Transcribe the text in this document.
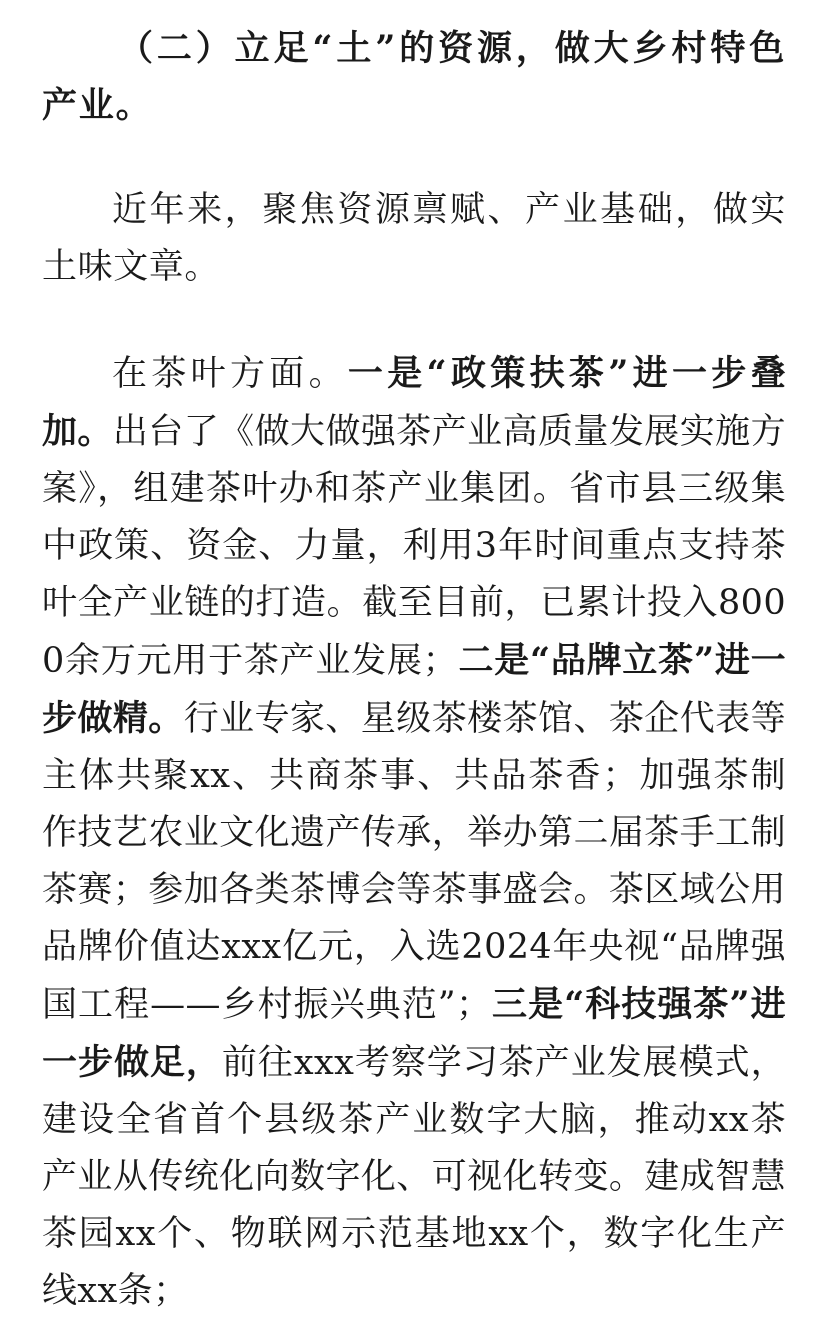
（二）立足“土”的资源，做大乡村特色产业。
近年来，聚焦资源禀赋、产业基础，做实土味文章。
在茶叶方面。一是“政策扶茶”进一步叠加。出台了《做大做强茶产业高质量发展实施方案》，组建茶叶办和茶产业集团。省市县三级集中政策、资金、力量，利用3年时间重点支持茶叶全产业链的打造。截至目前，已累计投入8000余万元用于茶产业发展；二是“品牌立茶”进一步做精。行业专家、星级茶楼茶馆、茶企代表等主体共聚xx、共商茶事、共品茶香；加强茶制作技艺农业文化遗产传承，举办第二届茶手工制茶赛；参加各类茶博会等茶事盛会。茶区域公用品牌价值达xxx亿元，入选2024年央视“品牌强国工程——乡村振兴典范”；三是“科技强茶”进一步做足，前往xxx考察学习茶产业发展模式，建设全省首个县级茶产业数字大脑，推动xx茶产业从传统化向数字化、可视化转变。建成智慧茶园xx个、物联网示范基地xx个，数字化生产线xx条；
